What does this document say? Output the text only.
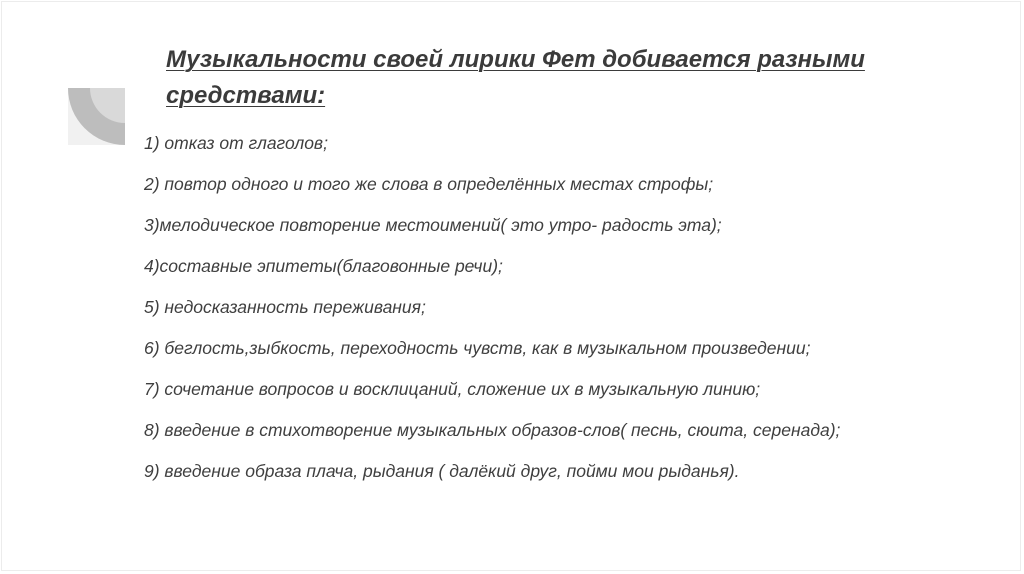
Музыкальности своей лирики Фет добивается разными средствами:
1) отказ от глаголов;
2) повтор одного и того же слова в определённых местах строфы;
3)мелодическое повторение местоимений( это утро- радость эта);
4)составные эпитеты(благовонные речи);
5) недосказанность переживания;
6) беглость,зыбкость, переходность чувств, как в музыкальном произведении;
7) сочетание вопросов и восклицаний, сложение их в музыкальную линию;
8) введение в стихотворение музыкальных образов-слов( песнь, сюита, серенада);
9) введение образа плача, рыдания ( далёкий друг, пойми мои рыданья).
